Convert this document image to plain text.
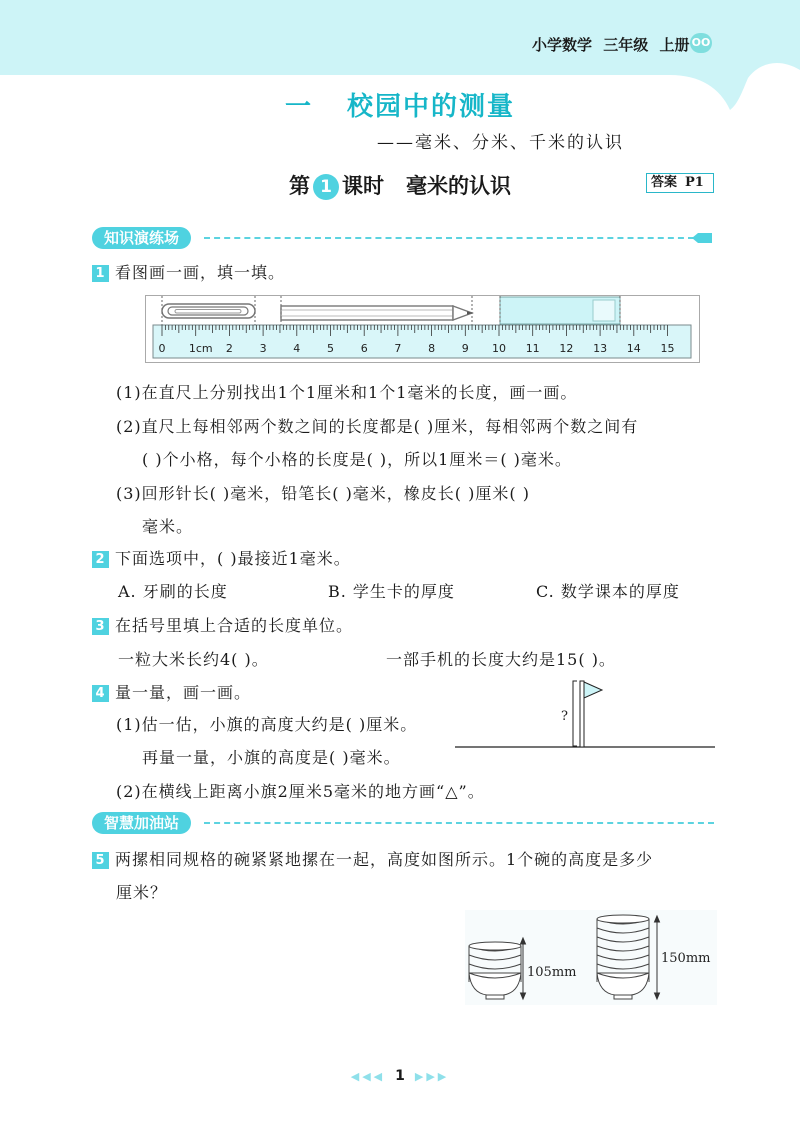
小学数学 三年级 上册 OO
一 校园中的测量
——毫米、分米、千米的认识
第 1 课时 毫米的认识	答案 P1
知识演练场
1 看图画一画，填一填。
0 1cm 2 3 4 5 6 7 8 9 10 11 12 13 14 15
(1)在直尺上分别找出1个1厘米和1个1毫米的长度，画一画。
(2)直尺上每相邻两个数之间的长度都是( )厘米，每相邻两个数之间有
( )个小格，每个小格的长度是( )，所以1厘米＝( )毫米。
(3)回形针长( )毫米，铅笔长( )毫米，橡皮长( )厘米( )
毫米。
2 下面选项中，( )最接近1毫米。
A. 牙刷的长度	B. 学生卡的厚度	C. 数学课本的厚度
3 在括号里填上合适的长度单位。
一粒大米长约4( )。	一部手机的长度大约是15( )。
4 量一量，画一画。
(1)估一估，小旗的高度大约是( )厘米。
再量一量，小旗的高度是( )毫米。
(2)在横线上距离小旗2厘米5毫米的地方画“△”。
?
智慧加油站
5 两摞相同规格的碗紧紧地摞在一起，高度如图所示。1个碗的高度是多少
厘米？
105mm
150mm
◀◀◀ 1 ▶▶▶
